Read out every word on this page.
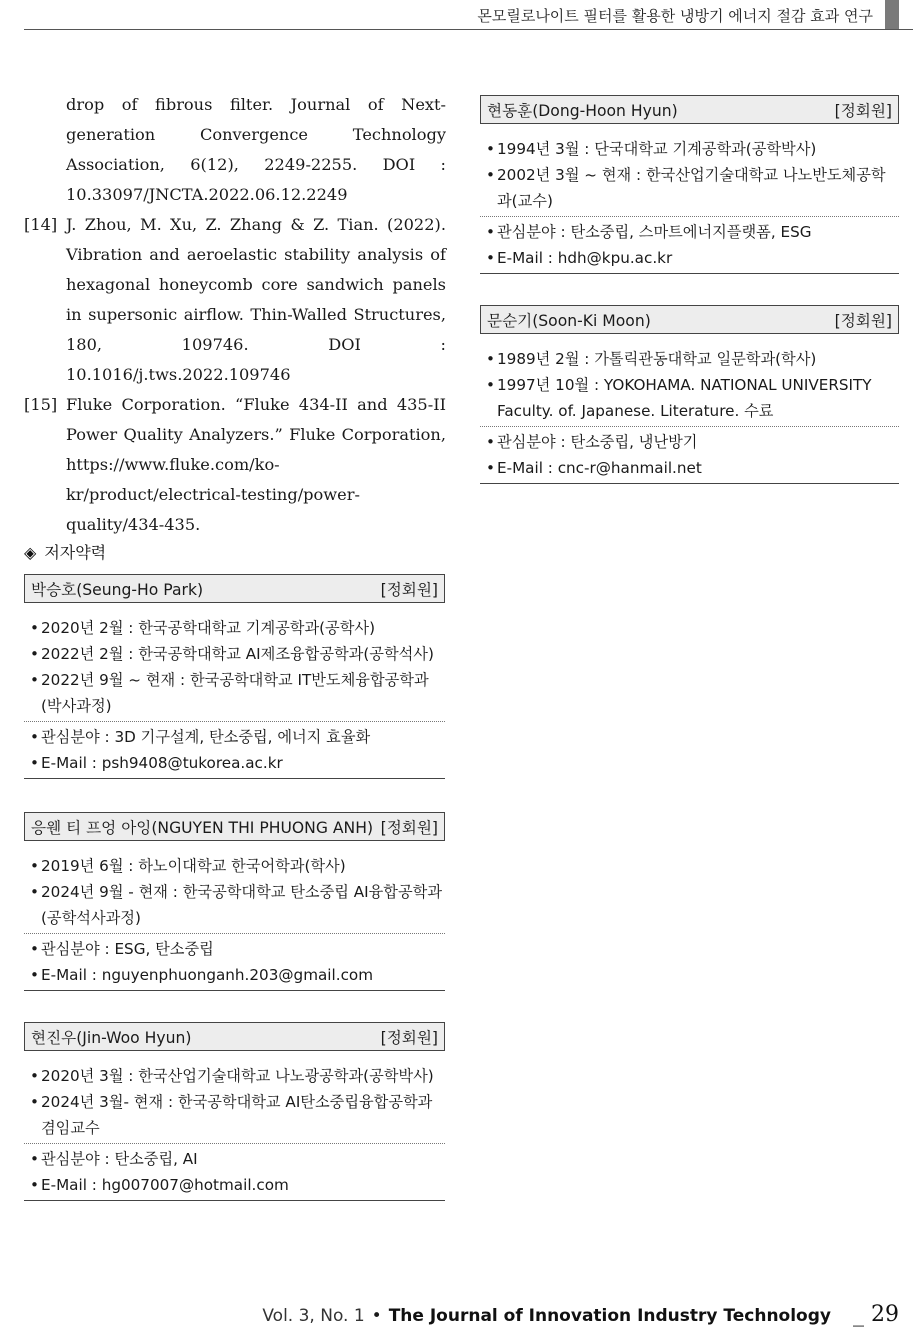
몬모릴로나이트 필터를 활용한 냉방기 에너지 절감 효과 연구
drop of fibrous filter. Journal of Next-generation Convergence Technology Association, 6(12), 2249-2255. DOI : 10.33097/JNCTA.2022.06.12.2249
[14] J. Zhou, M. Xu, Z. Zhang & Z. Tian. (2022). Vibration and aeroelastic stability analysis of hexagonal honeycomb core sandwich panels in supersonic airflow. Thin-Walled Structures, 180, 109746. DOI : 10.1016/j.tws.2022.109746
[15] Fluke Corporation. “Fluke 434-II and 435-II Power Quality Analyzers.” Fluke Corporation, https://www.fluke.com/ko-kr/product/electrical-testing/power-quality/434-435.
◈ 저자약력
현동훈(Dong-Hoon Hyun)	[정회원]
• 1994년 3월 : 단국대학교 기계공학과(공학박사)
• 2002년 3월 ~ 현재 : 한국산업기술대학교 나노반도체공학과(교수)
• 관심분야 : 탄소중립, 스마트에너지플랫폼, ESG
• E-Mail : hdh@kpu.ac.kr
문순기(Soon-Ki Moon)	[정회원]
• 1989년 2월 : 가톨릭관동대학교 일문학과(학사)
• 1997년 10월 : YOKOHAMA. NATIONAL UNIVERSITY Faculty. of. Japanese. Literature. 수료
• 관심분야 : 탄소중립, 냉난방기
• E-Mail : cnc-r@hanmail.net
박승호(Seung-Ho Park)	[정회원]
• 2020년 2월 : 한국공학대학교 기계공학과(공학사)
• 2022년 2월 : 한국공학대학교 AI제조융합공학과(공학석사)
• 2022년 9월 ~ 현재 : 한국공학대학교 IT반도체융합공학과(박사과정)
• 관심분야 : 3D 기구설계, 탄소중립, 에너지 효율화
• E-Mail : psh9408@tukorea.ac.kr
응웬 티 프엉 아잉(NGUYEN THI PHUONG ANH) [정회원]
• 2019년 6월 : 하노이대학교 한국어학과(학사)
• 2024년 9월 - 현재 : 한국공학대학교 탄소중립 AI융합공학과(공학석사과정)
• 관심분야 : ESG, 탄소중립
• E-Mail : nguyenphuonganh.203@gmail.com
현진우(Jin-Woo Hyun)	[정회원]
• 2020년 3월 : 한국산업기술대학교 나노광공학과(공학박사)
• 2024년 3월- 현재 : 한국공학대학교 AI탄소중립융합공학과 겸임교수
• 관심분야 : 탄소중립, AI
• E-Mail : hg007007@hotmail.com
Vol. 3, No. 1 • The Journal of Innovation Industry Technology _ 29
